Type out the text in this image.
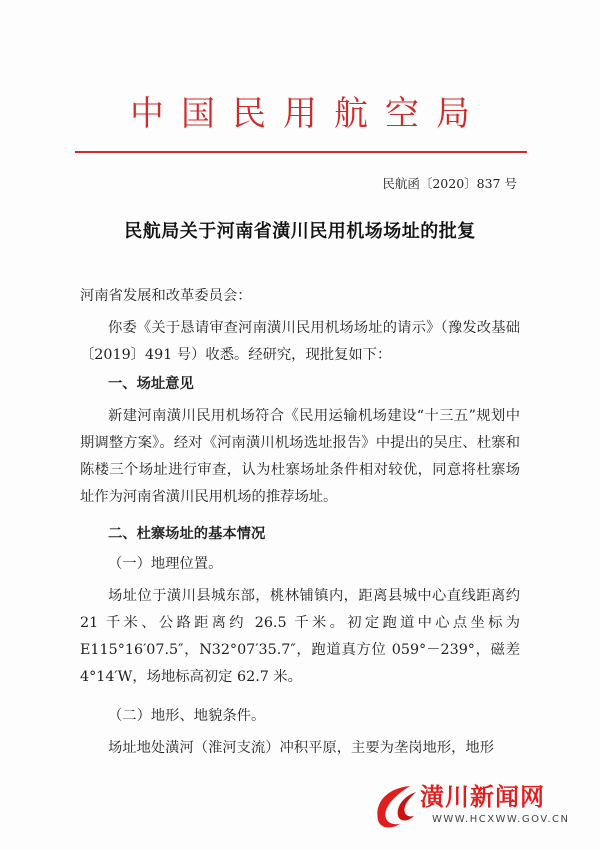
中国民用航空局
民航函〔2020〕837 号
民航局关于河南省潢川民用机场场址的批复
河南省发展和改革委员会：
你委《关于恳请审查河南潢川民用机场场址的请示》（豫发改基础〔2019〕491 号）收悉。经研究，现批复如下：
一、场址意见
新建河南潢川民用机场符合《民用运输机场建设“十三五”规划中期调整方案》。经对《河南潢川机场选址报告》中提出的吴庄、杜寨和陈楼三个场址进行审查，认为杜寨场址条件相对较优，同意将杜寨场址作为河南省潢川民用机场的推荐场址。
二、杜寨场址的基本情况
（一）地理位置。
场址位于潢川县城东部，桃林铺镇内，距离县城中心直线距离约 21 千米、公路距离约 26.5 千米。初定跑道中心点坐标为 E115°16′07.5″，N32°07′35.7″，跑道真方位 059°－239°，磁差 4°14′W，场地标高初定 62.7 米。
（二）地形、地貌条件。
场址地处潢河（淮河支流）冲积平原，主要为垄岗地形，地形
潢川新闻网
WWW.HCXWW.GOV.CN
